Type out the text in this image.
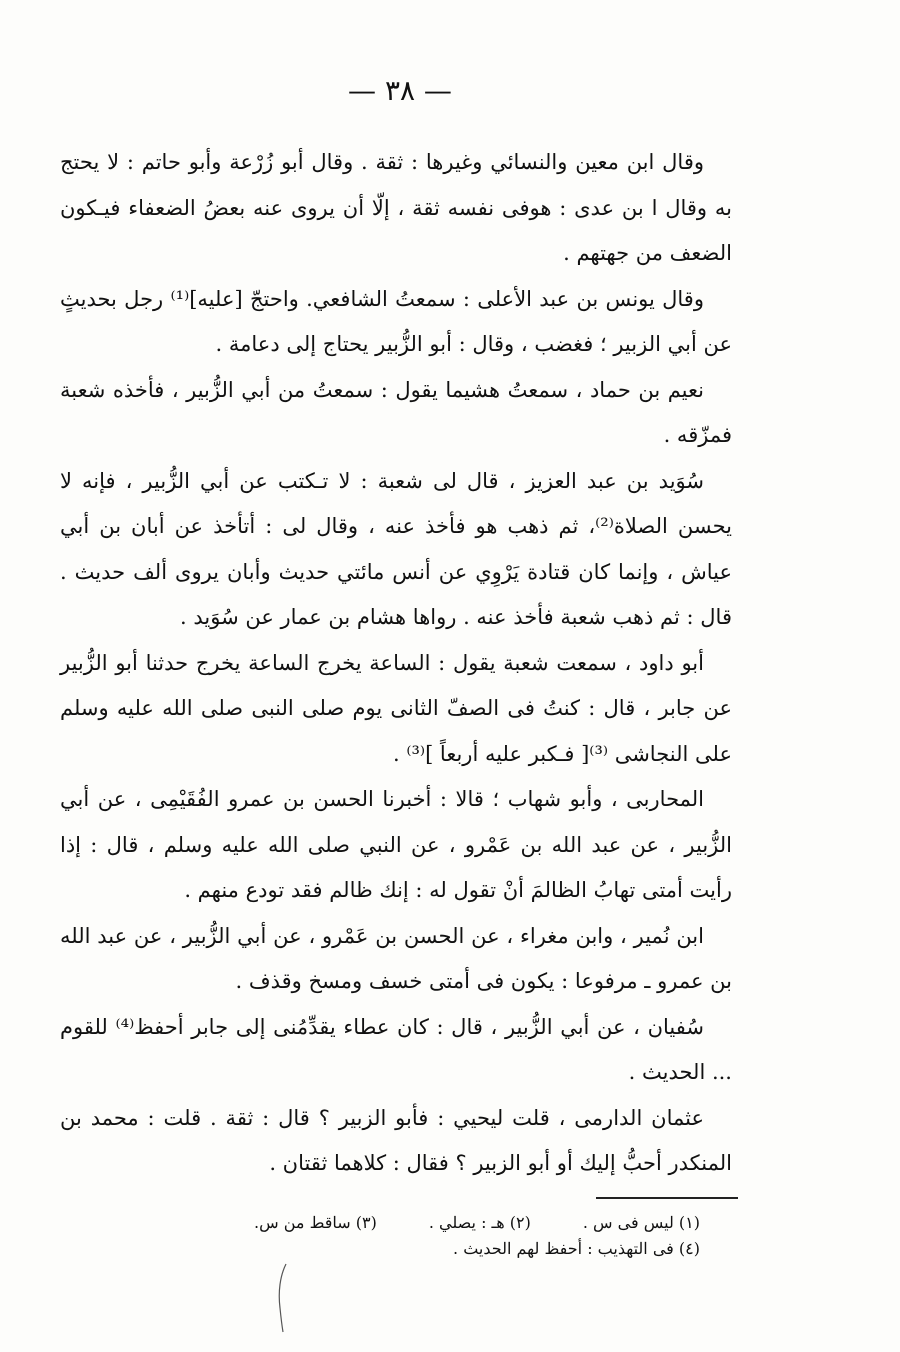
— ٣٨ —

وقال ابن معين والنسائي وغيرها : ثقة . وقال أبو زُرْعة وأبو حاتم : لا يحتج به وقال ا بن عدى : هوفى نفسه ثقة ، إلّا أن يروى عنه بعضُ الضعفاء فيـكون الضعف من جهتهم .

وقال يونس بن عبد الأعلى : سمعتُ الشافعي. واحتجّ [عليه]⁽¹⁾ رجل بحديثٍ عن أبي الزبير ؛ فغضب ، وقال : أبو الزُّبير يحتاج إلى دعامة .

نعيم بن حماد ، سمعتُ هشيما يقول : سمعتُ من أبي الزُّبير ، فأخذه شعبة فمزّقه .

سُوَيد بن عبد العزيز ، قال لى شعبة : لا تـكتب عن أبي الزُّبير ، فإنه لا يحسن الصلاة⁽²⁾، ثم ذهب هو فأخذ عنه ، وقال لى : أتأخذ عن أبان بن أبي عياش ، وإنما كان قتادة يَرْوِي عن أنس مائتي حديث وأبان يروى ألف حديث . قال : ثم ذهب شعبة فأخذ عنه . رواها هشام بن عمار عن سُوَيد .

أبو داود ، سمعت شعبة يقول : الساعة يخرج الساعة يخرج حدثنا أبو الزُّبير عن جابر ، قال : كنتُ فى الصفّ الثانى يوم صلى النبى صلى الله عليه وسلم على النجاشى ⁽³⁾[ فـكبر عليه أربعاً ]⁽³⁾ .

المحاربى ، وأبو شهاب ؛ قالا : أخبرنا الحسن بن عمرو الفُقَيْمِى ، عن أبي الزُّبير ، عن عبد الله بن عَمْرو ، عن النبي صلى الله عليه وسلم ، قال : إذا رأيت أمتى تهابُ الظالمَ أنْ تقول له : إنك ظالم فقد تودع منهم .

ابن نُمير ، وابن مغراء ، عن الحسن بن عَمْرو ، عن أبي الزُّبير ، عن عبد الله بن عمرو ـ مرفوعا : يكون فى أمتى خسف ومسخ وقذف .

سُفيان ، عن أبي الزُّبير ، قال : كان عطاء يقدِّمُنى إلى جابر أحفظ⁽⁴⁾ للقوم ... الحديث .

عثمان الدارمى ، قلت ليحيي : فأبو الزبير ؟ قال : ثقة . قلت : محمد بن المنكدر أحبُّ إليك أو أبو الزبير ؟ فقال : كلاهما ثقتان .

(١) ليس فى س .
(٢) هـ : يصلي .
(٣) ساقط من س.
(٤) فى التهذيب : أحفظ لهم الحديث .
